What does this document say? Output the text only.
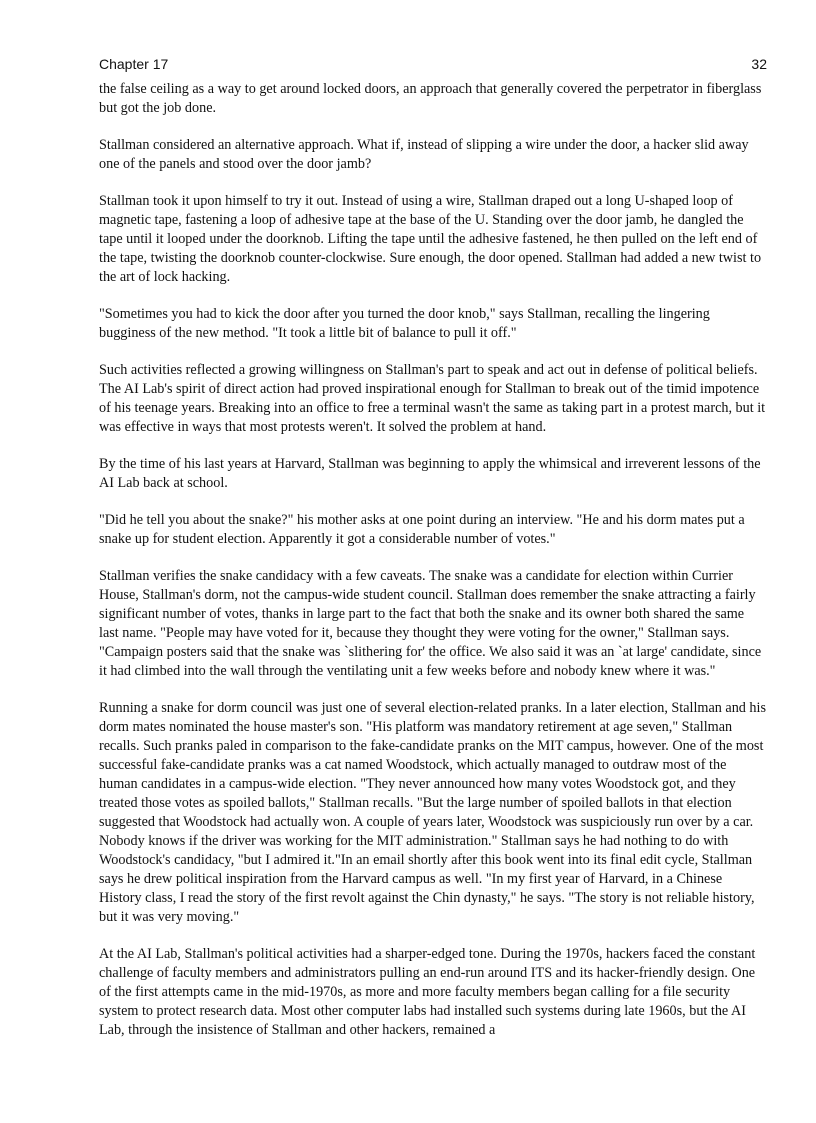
Chapter 17	32

the false ceiling as a way to get around locked doors, an approach that generally covered the perpetrator in fiberglass but got the job done.

Stallman considered an alternative approach. What if, instead of slipping a wire under the door, a hacker slid away one of the panels and stood over the door jamb?

Stallman took it upon himself to try it out. Instead of using a wire, Stallman draped out a long U-shaped loop of magnetic tape, fastening a loop of adhesive tape at the base of the U. Standing over the door jamb, he dangled the tape until it looped under the doorknob. Lifting the tape until the adhesive fastened, he then pulled on the left end of the tape, twisting the doorknob counter-clockwise. Sure enough, the door opened. Stallman had added a new twist to the art of lock hacking.

"Sometimes you had to kick the door after you turned the door knob," says Stallman, recalling the lingering bugginess of the new method. "It took a little bit of balance to pull it off."

Such activities reflected a growing willingness on Stallman's part to speak and act out in defense of political beliefs. The AI Lab's spirit of direct action had proved inspirational enough for Stallman to break out of the timid impotence of his teenage years. Breaking into an office to free a terminal wasn't the same as taking part in a protest march, but it was effective in ways that most protests weren't. It solved the problem at hand.

By the time of his last years at Harvard, Stallman was beginning to apply the whimsical and irreverent lessons of the AI Lab back at school.

"Did he tell you about the snake?" his mother asks at one point during an interview. "He and his dorm mates put a snake up for student election. Apparently it got a considerable number of votes."

Stallman verifies the snake candidacy with a few caveats. The snake was a candidate for election within Currier House, Stallman's dorm, not the campus-wide student council. Stallman does remember the snake attracting a fairly significant number of votes, thanks in large part to the fact that both the snake and its owner both shared the same last name. "People may have voted for it, because they thought they were voting for the owner," Stallman says. "Campaign posters said that the snake was `slithering for' the office. We also said it was an `at large' candidate, since it had climbed into the wall through the ventilating unit a few weeks before and nobody knew where it was."

Running a snake for dorm council was just one of several election-related pranks. In a later election, Stallman and his dorm mates nominated the house master's son. "His platform was mandatory retirement at age seven," Stallman recalls. Such pranks paled in comparison to the fake-candidate pranks on the MIT campus, however. One of the most successful fake-candidate pranks was a cat named Woodstock, which actually managed to outdraw most of the human candidates in a campus-wide election. "They never announced how many votes Woodstock got, and they treated those votes as spoiled ballots," Stallman recalls. "But the large number of spoiled ballots in that election suggested that Woodstock had actually won. A couple of years later, Woodstock was suspiciously run over by a car. Nobody knows if the driver was working for the MIT administration." Stallman says he had nothing to do with Woodstock's candidacy, "but I admired it."In an email shortly after this book went into its final edit cycle, Stallman says he drew political inspiration from the Harvard campus as well. "In my first year of Harvard, in a Chinese History class, I read the story of the first revolt against the Chin dynasty," he says. "The story is not reliable history, but it was very moving."

At the AI Lab, Stallman's political activities had a sharper-edged tone. During the 1970s, hackers faced the constant challenge of faculty members and administrators pulling an end-run around ITS and its hacker-friendly design. One of the first attempts came in the mid-1970s, as more and more faculty members began calling for a file security system to protect research data. Most other computer labs had installed such systems during late 1960s, but the AI Lab, through the insistence of Stallman and other hackers, remained a
